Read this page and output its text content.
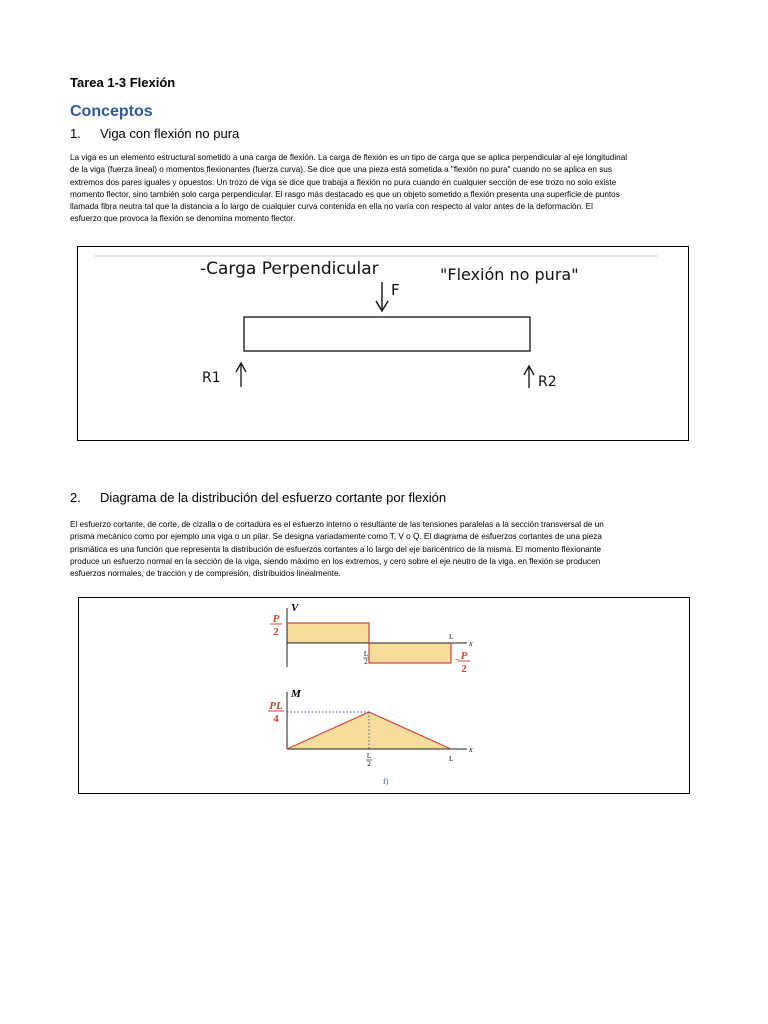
Tarea 1-3 Flexión
Conceptos
1.	Viga con flexión no pura
La viga es un elemento estructural sometido a una carga de flexión. La carga de flexión es un tipo de carga que se aplica perpendicular al eje longitudinal
de la viga (fuerza lineal) o momentos flexionantes (fuerza curva). Se dice que una pieza está sometida a "flexión no pura" cuando no se aplica en sus
extremos dos pares iguales y opuestos. Un trozo de viga se dice que trabaja a flexión no pura cuando en cualquier sección de ese trozo no solo existe
momento flector, sino también solo carga perpendicular. El rasgo más destacado es que un objeto sometido a flexión presenta una superficie de puntos
llamada fibra neutra tal que la distancia a lo largo de cualquier curva contenida en ella no varía con respecto al valor antes de la deformación. El
esfuerzo que provoca la flexión se denomina momento flector.
-Carga Perpendicular	"Flexión no pura"
F
R1	R2
2.	Diagrama de la distribución del esfuerzo cortante por flexión
El esfuerzo cortante, de corte, de cizalla o de cortadura es el esfuerzo interno o resultante de las tensiones paralelas a la sección transversal de un
prisma mecánico como por ejemplo una viga o un pilar. Se designa variadamente como T, V o Q. El diagrama de esfuerzos cortantes de una pieza
prismática es una función que representa la distribución de esfuerzos cortantes a lo largo del eje baricéntrico de la misma. El momento flexionante
produce un esfuerzo normal en la sección de la viga, siendo máximo en los extremos, y cero sobre el eje neutro de la viga. en flexión se producen
esfuerzos normales, de tracción y de compresión, distribuidos linealmente.
V
x
L
P
2
L
2	- P
2
M
x
PL
4
L
2
L
f)
